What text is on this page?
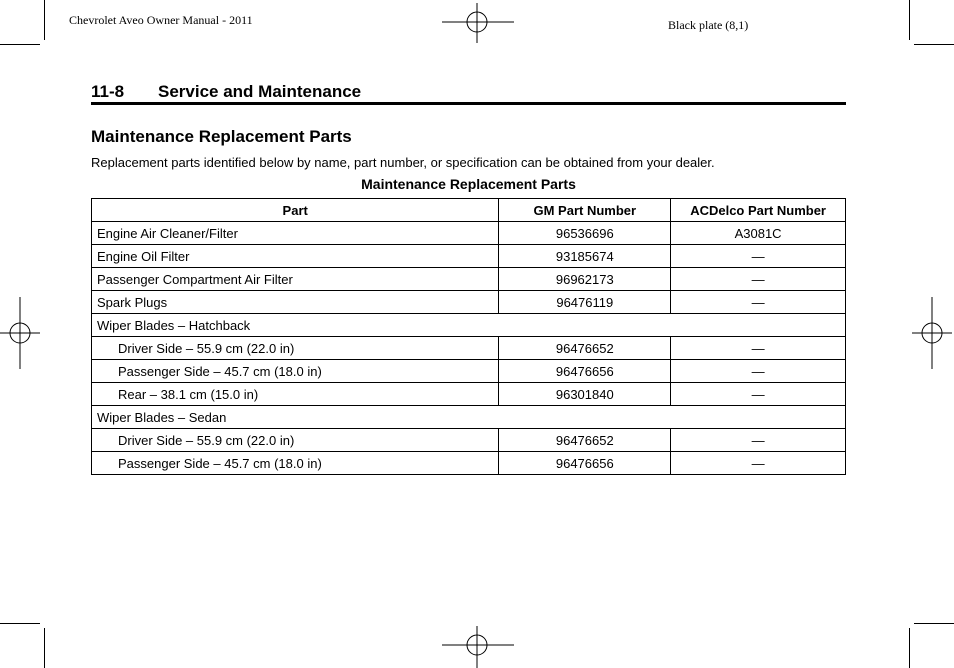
Chevrolet Aveo Owner Manual - 2011	Black plate (8,1)
11-8 Service and Maintenance
Maintenance Replacement Parts
Replacement parts identified below by name, part number, or specification can be obtained from your dealer.
Maintenance Replacement Parts
Part	GM Part Number	ACDelco Part Number
Engine Air Cleaner/Filter	96536696	A3081C
Engine Oil Filter	93185674	—
Passenger Compartment Air Filter	96962173	—
Spark Plugs	96476119	—
Wiper Blades – Hatchback		
Driver Side – 55.9 cm (22.0 in)	96476652	—
Passenger Side – 45.7 cm (18.0 in)	96476656	—
Rear – 38.1 cm (15.0 in)	96301840	—
Wiper Blades – Sedan		
Driver Side – 55.9 cm (22.0 in)	96476652	—
Passenger Side – 45.7 cm (18.0 in)	96476656	—
